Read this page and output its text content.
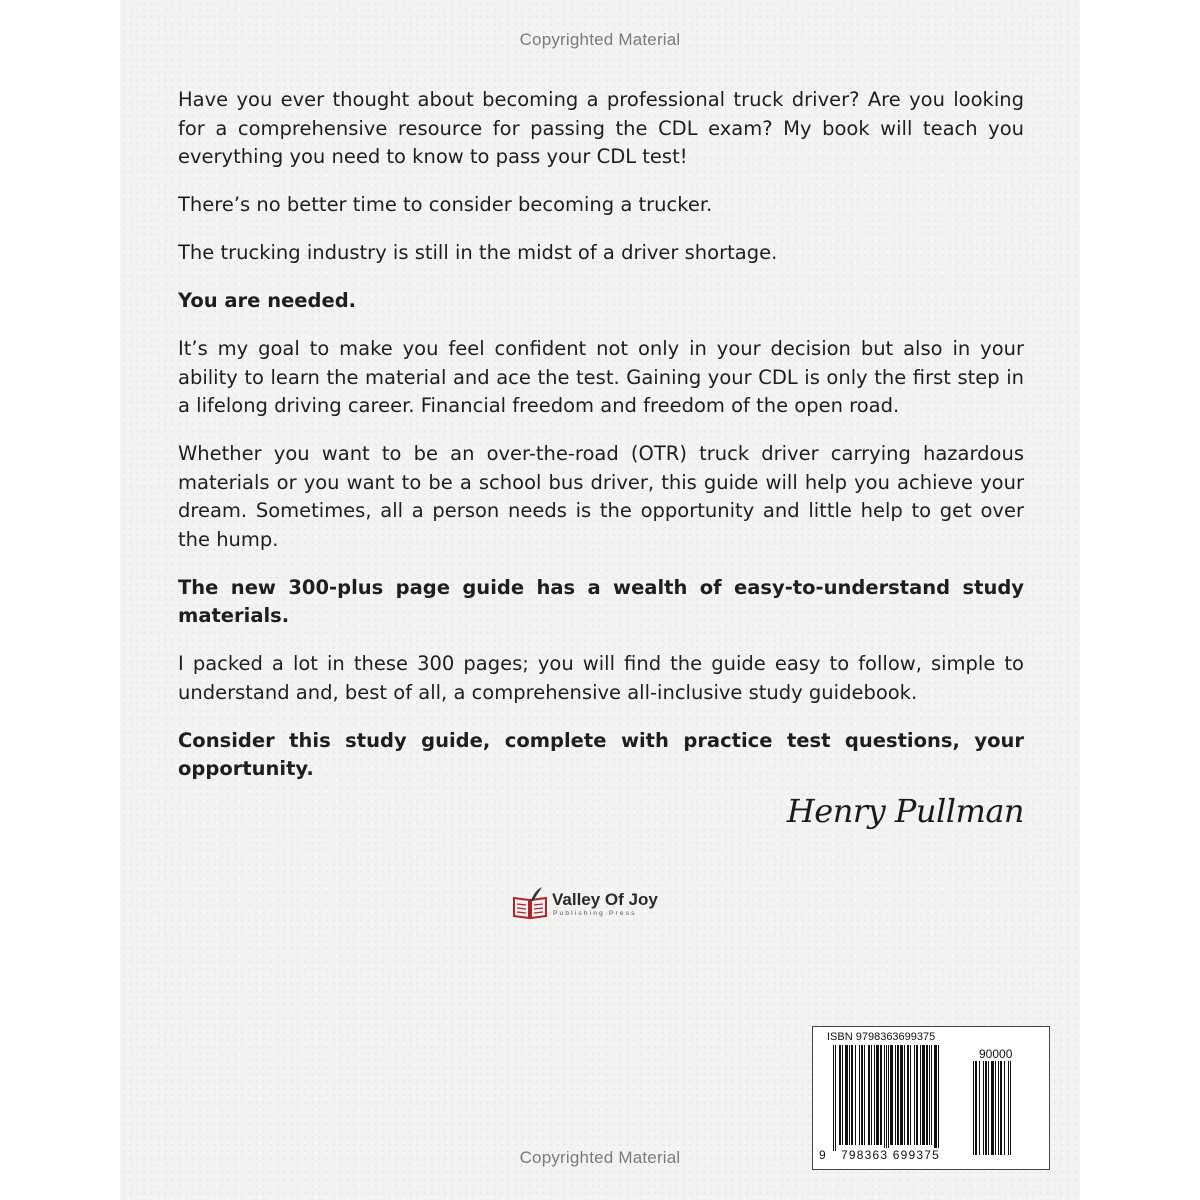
Copyrighted Material

Have you ever thought about becoming a professional truck driver? Are you looking for a comprehensive resource for passing the CDL exam? My book will teach you everything you need to know to pass your CDL test!

There’s no better time to consider becoming a trucker.

The trucking industry is still in the midst of a driver shortage.

You are needed.

It’s my goal to make you feel confident not only in your decision but also in your ability to learn the material and ace the test. Gaining your CDL is only the first step in a lifelong driving career. Financial freedom and freedom of the open road.

Whether you want to be an over-the-road (OTR) truck driver carrying hazardous materials or you want to be a school bus driver, this guide will help you achieve your dream. Sometimes, all a person needs is the opportunity and little help to get over the hump.

The new 300-plus page guide has a wealth of easy-to-understand study materials.

I packed a lot in these 300 pages; you will find the guide easy to follow, simple to understand and, best of all, a comprehensive all-inclusive study guidebook.

Consider this study guide, complete with practice test questions, your opportunity.

Henry Pullman
Valley Of Joy
Publishing Press
ISBN 9798363699375
90000
9 798363 699375
Copyrighted Material
